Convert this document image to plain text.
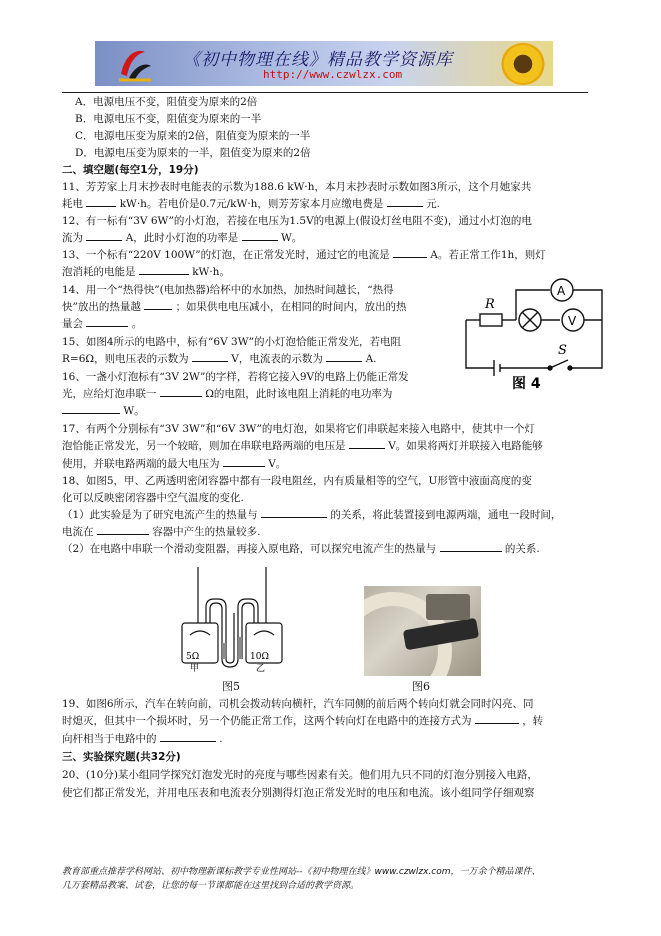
《初中物理在线》精品教学资源库
http://www.czwlzx.com
A．电源电压不变，阻值变为原来的2倍
B．电源电压不变，阻值变为原来的一半
C．电源电压变为原来的2倍，阻值变为原来的一半
D．电源电压变为原来的一半，阻值变为原来的2倍
二、填空题(每空1分，19分)
11、芳芳家上月末抄表时电能表的示数为188.6 kW·h，本月末抄表时示数如图3所示，这个月她家共
耗电	kW·h。若电价是0.7元/kW·h，则芳芳家本月应缴电费是	元.
12、有一标有“3V 6W”的小灯泡，若接在电压为1.5V的电源上(假设灯丝电阻不变)，通过小灯泡的电
流为	A，此时小灯泡的功率是	W。
13、一个标有“220V 100W”的灯泡，在正常发光时，通过它的电流是	A。若正常工作1h，则灯
泡消耗的电能是	kW·h。
14、用一个“热得快”(电加热器)给杯中的水加热，加热时间越长，“热得
快”放出的热量越	；如果供电电压减小，在相同的时间内，放出的热
量会	。
15、如图4所示的电路中，标有“6V 3W”的小灯泡恰能正常发光，若电阻
R=6Ω，则电压表的示数为	V，电流表的示数为	A.
16、一盏小灯泡标有“3V 2W”的字样，若将它接入9V的电路上仍能正常发
光，应给灯泡串联一	Ω的电阻，此时该电阻上消耗的电功率为
W。
R
A
V
S
图 4
17、有两个分别标有“3V 3W”和“6V 3W”的电灯泡，如果将它们串联起来接入电路中，使其中一个灯
泡恰能正常发光，另一个较暗，则加在串联电路两端的电压是	V。如果将两灯并联接入电路能够
使用，并联电路两端的最大电压为	V。
18、如图5，甲、乙两透明密闭容器中都有一段电阻丝，内有质量相等的空气，U形管中液面高度的变
化可以反映密闭容器中空气温度的变化.
（1）此实验是为了研究电流产生的热量与	的关系，将此装置接到电源两端，通电一段时间，
电流在	容器中产生的热量较多.
（2）在电路中串联一个滑动变阻器，再接入原电路，可以探究电流产生的热量与	的关系.
5Ω	10Ω
甲	乙
图5	图6
19、如图6所示，汽车在转向前，司机会拨动转向横杆，汽车同侧的前后两个转向灯就会同时闪亮、同
时熄灭，但其中一个损坏时，另一个仍能正常工作，这两个转向灯在电路中的连接方式为	，转
向杆相当于电路中的	.
三、实验探究题(共32分)
20、(10分)某小组同学探究灯泡发光时的亮度与哪些因素有关。他们用九只不同的灯泡分别接入电路，
使它们都正常发光，并用电压表和电流表分别测得灯泡正常发光时的电压和电流。该小组同学仔细观察
教育部重点推荐学科网站、初中物理新课标教学专业性网站--《初中物理在线》www.czwlzx.com，一万余个精品课件、
几万套精品教案、试卷，让您的每一节课都能在这里找到合适的教学资源。
